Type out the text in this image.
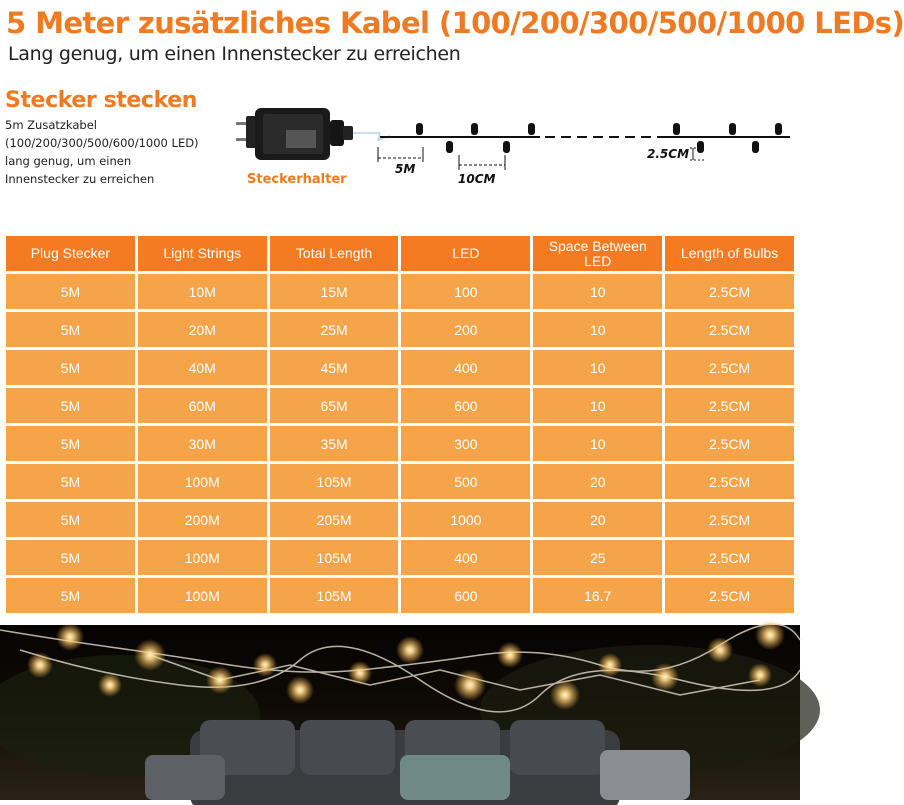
5 Meter zusätzliches Kabel (100/200/300/500/1000 LEDs)
Lang genug, um einen Innenstecker zu erreichen
Stecker stecken
5m Zusatzkabel
(100/200/300/500/600/1000 LED)
lang genug, um einen
Innenstecker zu erreichen	Steckerhalter
5M
10CM
2.5CM
Plug Stecker	Light Strings	Total Length	LED	Space Between LED	Length of Bulbs
5M	10M	15M	100	10	2.5CM
5M	20M	25M	200	10	2.5CM
5M	40M	45M	400	10	2.5CM
5M	60M	65M	600	10	2.5CM
5M	30M	35M	300	10	2.5CM
5M	100M	105M	500	20	2.5CM
5M	200M	205M	1000	20	2.5CM
5M	100M	105M	400	25	2.5CM
5M	100M	105M	600	16.7	2.5CM
